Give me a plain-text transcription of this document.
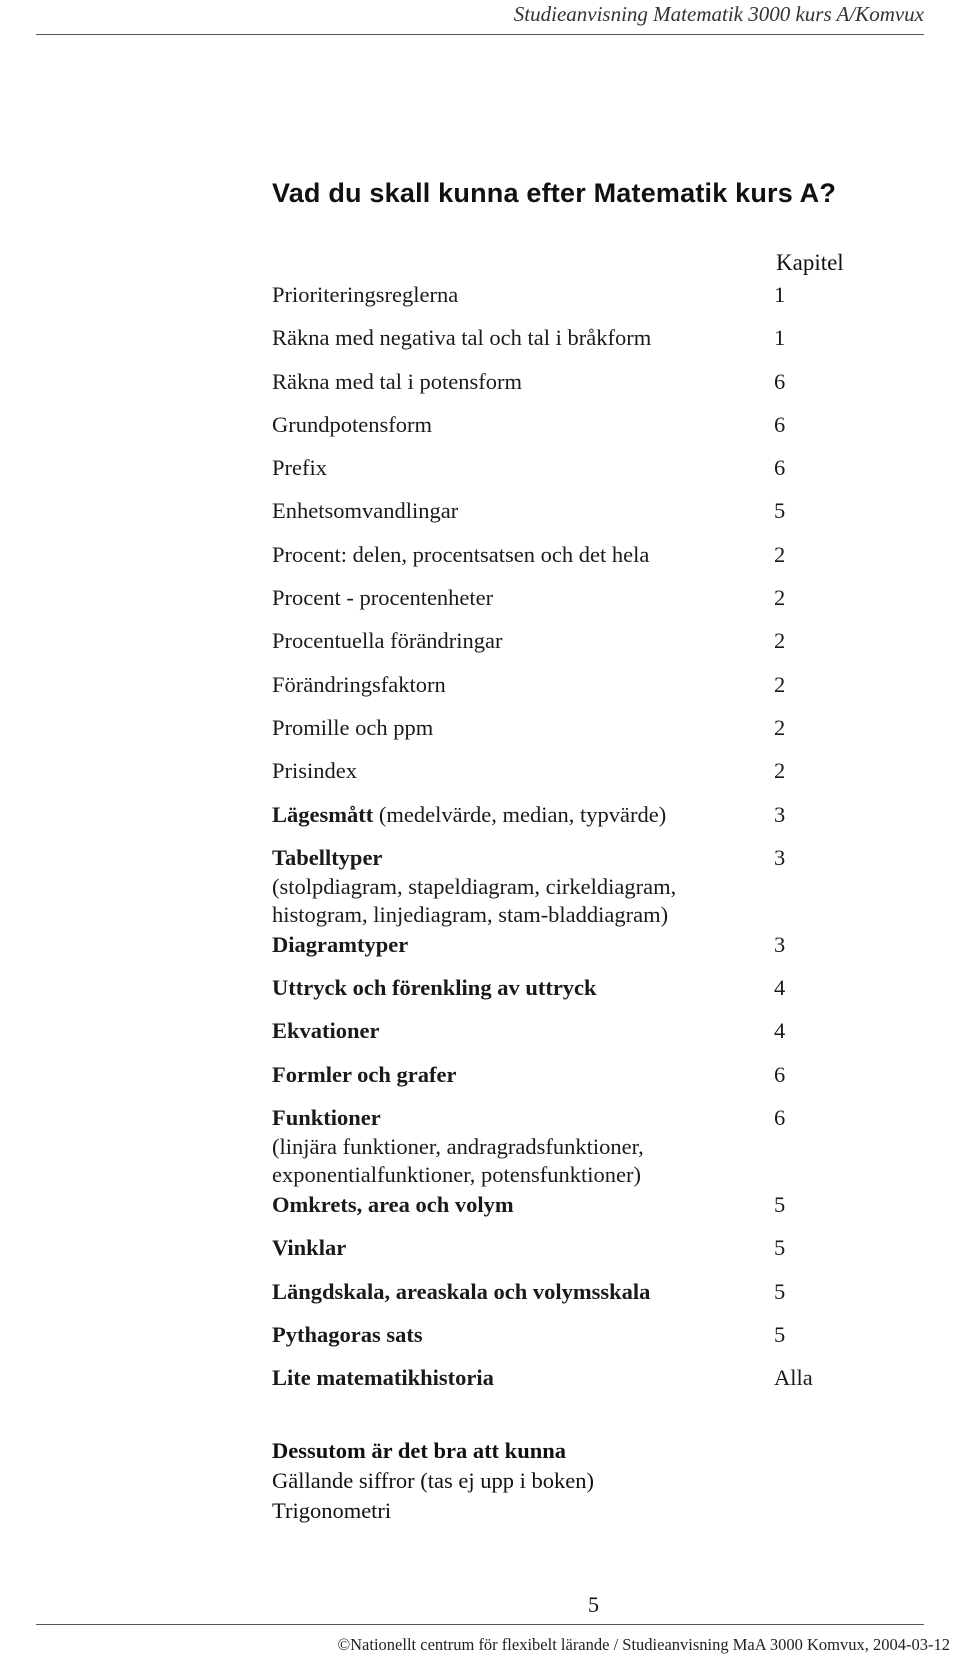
Studieanvisning Matematik 3000 kurs A/Komvux
Vad du skall kunna efter Matematik kurs A?
Kapitel
Prioriteringsreglerna	1
Räkna med negativa tal och tal i bråkform	1
Räkna med tal i potensform	6
Grundpotensform	6
Prefix	6
Enhetsomvandlingar	5
Procent: delen, procentsatsen och det hela	2
Procent - procentenheter	2
Procentuella förändringar	2
Förändringsfaktorn	2
Promille och ppm	2
Prisindex	2
Lägesmått (medelvärde, median, typvärde)	3
Tabelltyper	3
(stolpdiagram, stapeldiagram, cirkeldiagram, histogram, linjediagram, stam-bladdiagram)
Diagramtyper	3
Uttryck och förenkling av uttryck	4
Ekvationer	4
Formler och grafer	6
Funktioner	6
(linjära funktioner, andragradsfunktioner, exponentialfunktioner, potensfunktioner)
Omkrets, area och volym	5
Vinklar	5
Längdskala, areaskala och volymsskala	5
Pythagoras sats	5
Lite matematikhistoria	Alla
Dessutom är det bra att kunna
Gällande siffror (tas ej upp i boken)
Trigonometri
5
©Nationellt centrum för flexibelt lärande / Studieanvisning MaA 3000 Komvux, 2004-03-12
